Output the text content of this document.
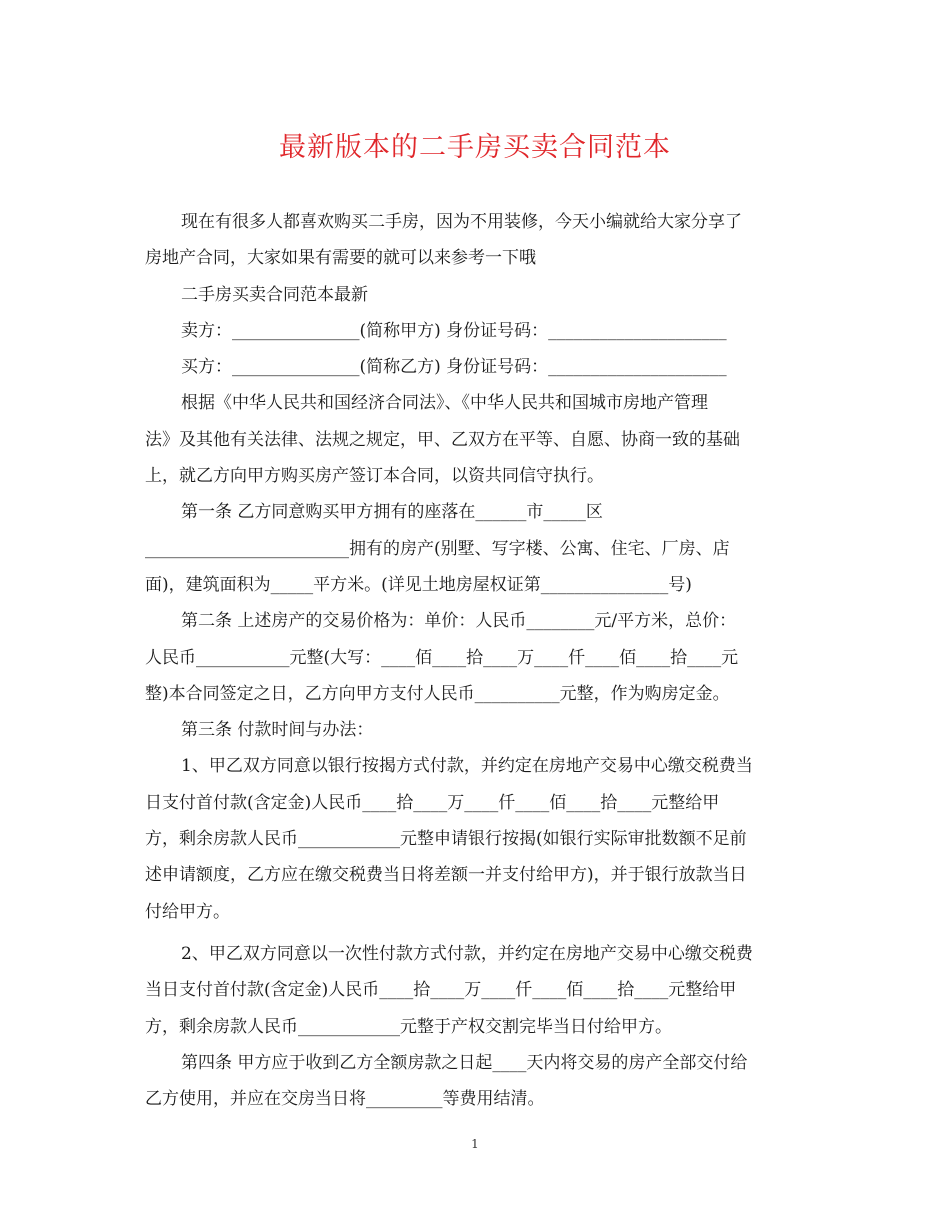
最新版本的二手房买卖合同范本

现在有很多人都喜欢购买二手房，因为不用装修，今天小编就给大家分享了

房地产合同，大家如果有需要的就可以来参考一下哦

二手房买卖合同范本最新

卖方：_______________(简称甲方) 身份证号码：_____________________

买方：_______________(简称乙方) 身份证号码：_____________________

根据《中华人民共和国经济合同法》、《中华人民共和国城市房地产管理

法》及其他有关法律、法规之规定，甲、乙双方在平等、自愿、协商一致的基础

上，就乙方向甲方购买房产签订本合同，以资共同信守执行。

第一条 乙方同意购买甲方拥有的座落在______市_____区

________________________拥有的房产(别墅、写字楼、公寓、住宅、厂房、店

面)，建筑面积为_____平方米。(详见土地房屋权证第_______________号)

第二条 上述房产的交易价格为：单价：人民币________元/平方米，总价：

人民币___________元整(大写：____佰____拾____万____仟____佰____拾____元

整)本合同签定之日，乙方向甲方支付人民币__________元整，作为购房定金。

第三条 付款时间与办法：

1、甲乙双方同意以银行按揭方式付款，并约定在房地产交易中心缴交税费当

日支付首付款(含定金)人民币____拾____万____仟____佰____拾____元整给甲

方，剩余房款人民币____________元整申请银行按揭(如银行实际审批数额不足前

述申请额度，乙方应在缴交税费当日将差额一并支付给甲方)，并于银行放款当日

付给甲方。

2、甲乙双方同意以一次性付款方式付款，并约定在房地产交易中心缴交税费

当日支付首付款(含定金)人民币____拾____万____仟____佰____拾____元整给甲

方，剩余房款人民币____________元整于产权交割完毕当日付给甲方。

第四条 甲方应于收到乙方全额房款之日起____天内将交易的房产全部交付给

乙方使用，并应在交房当日将_________等费用结清。

1
